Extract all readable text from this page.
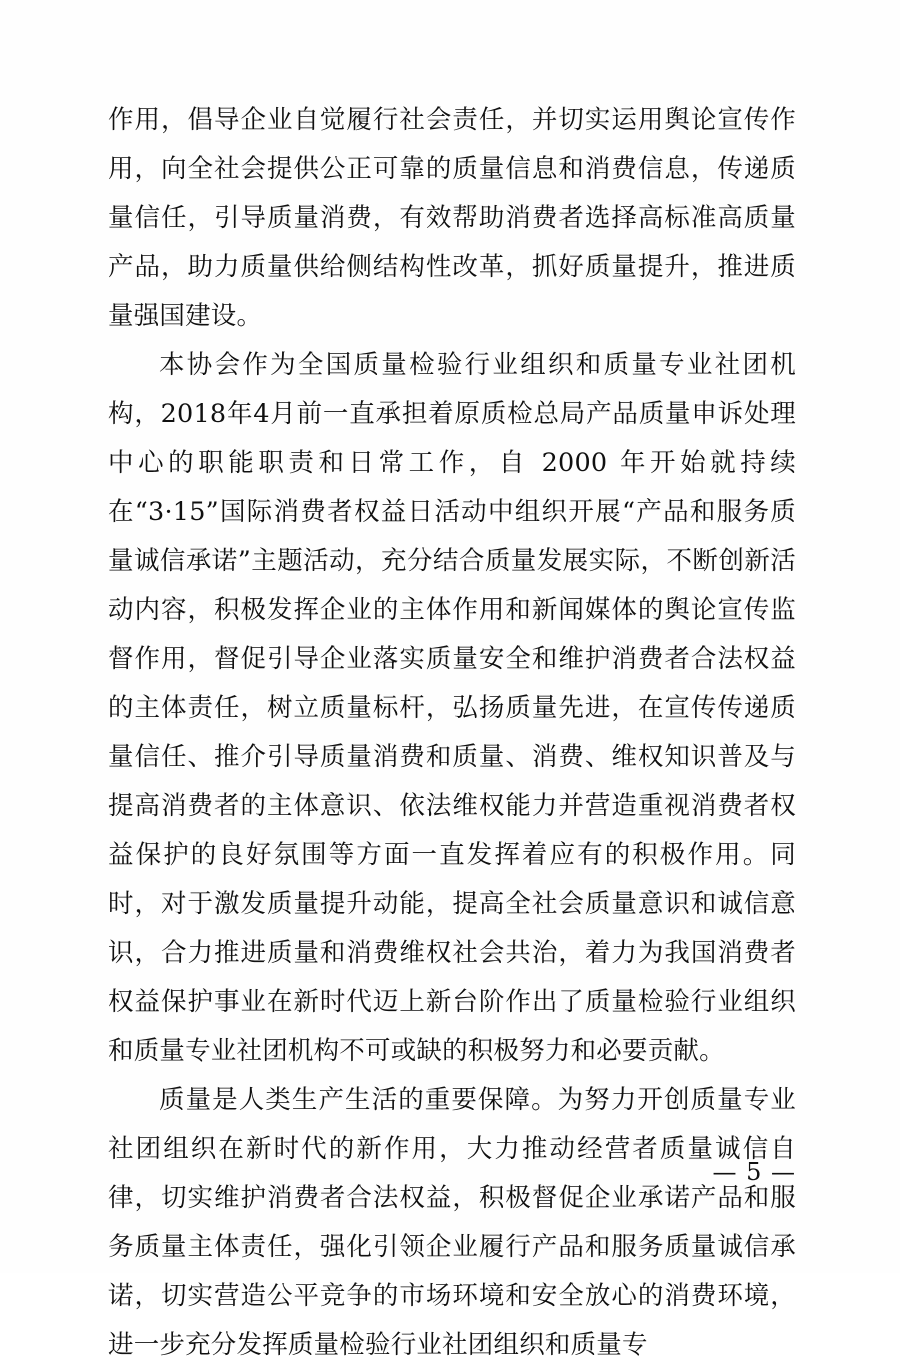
作用，倡导企业自觉履行社会责任，并切实运用舆论宣传作用，向全社会提供公正可靠的质量信息和消费信息，传递质量信任，引导质量消费，有效帮助消费者选择高标准高质量产品，助力质量供给侧结构性改革，抓好质量提升，推进质量强国建设。

本协会作为全国质量检验行业组织和质量专业社团机构，2018年4月前一直承担着原质检总局产品质量申诉处理中心的职能职责和日常工作，自 2000 年开始就持续在“3·15”国际消费者权益日活动中组织开展“产品和服务质量诚信承诺”主题活动，充分结合质量发展实际，不断创新活动内容，积极发挥企业的主体作用和新闻媒体的舆论宣传监督作用，督促引导企业落实质量安全和维护消费者合法权益的主体责任，树立质量标杆，弘扬质量先进，在宣传传递质量信任、推介引导质量消费和质量、消费、维权知识普及与提高消费者的主体意识、依法维权能力并营造重视消费者权益保护的良好氛围等方面一直发挥着应有的积极作用。同时，对于激发质量提升动能，提高全社会质量意识和诚信意识，合力推进质量和消费维权社会共治，着力为我国消费者权益保护事业在新时代迈上新台阶作出了质量检验行业组织和质量专业社团机构不可或缺的积极努力和必要贡献。

质量是人类生产生活的重要保障。为努力开创质量专业社团组织在新时代的新作用，大力推动经营者质量诚信自律，切实维护消费者合法权益，积极督促企业承诺产品和服务质量主体责任，强化引领企业履行产品和服务质量诚信承诺，切实营造公平竞争的市场环境和安全放心的消费环境，进一步充分发挥质量检验行业社团组织和质量专

— 5 —
